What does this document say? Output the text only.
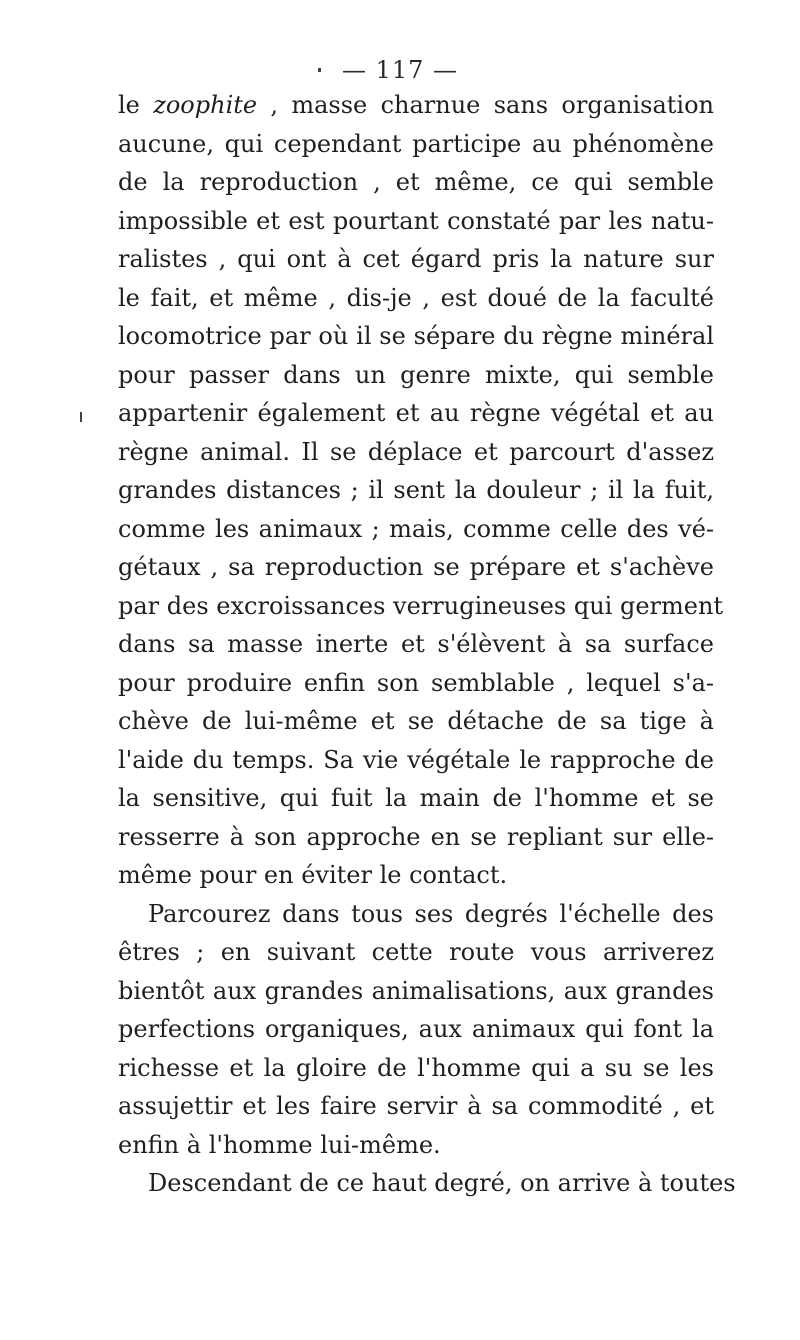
— 117 —
le zoophite , masse charnue sans organisation
aucune, qui cependant participe au phénomène
de la reproduction , et même, ce qui semble
impossible et est pourtant constaté par les natu-
ralistes , qui ont à cet égard pris la nature sur
le fait, et même , dis-je , est doué de la faculté
locomotrice par où il se sépare du règne minéral
pour passer dans un genre mixte, qui semble
appartenir également et au règne végétal et au
règne animal. Il se déplace et parcourt d'assez
grandes distances ; il sent la douleur ; il la fuit,
comme les animaux ; mais, comme celle des vé-
gétaux , sa reproduction se prépare et s'achève
par des excroissances verrugineuses qui germent
dans sa masse inerte et s'élèvent à sa surface
pour produire enfin son semblable , lequel s'a-
chève de lui-même et se détache de sa tige à
l'aide du temps. Sa vie végétale le rapproche de
la sensitive, qui fuit la main de l'homme et se
resserre à son approche en se repliant sur elle-
même pour en éviter le contact.
Parcourez dans tous ses degrés l'échelle des
êtres ; en suivant cette route vous arriverez
bientôt aux grandes animalisations, aux grandes
perfections organiques, aux animaux qui font la
richesse et la gloire de l'homme qui a su se les
assujettir et les faire servir à sa commodité , et
enfin à l'homme lui-même.
Descendant de ce haut degré, on arrive à toutes
